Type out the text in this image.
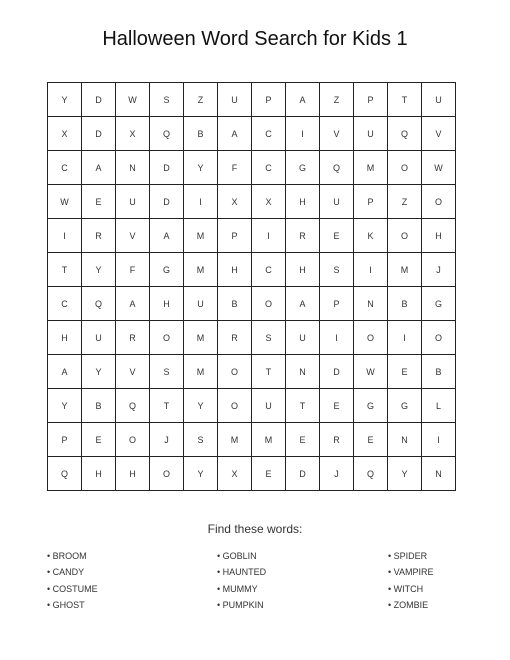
Halloween Word Search for Kids 1
Y	D	W	S	Z	U	P	A	Z	P	T	U
X	D	X	Q	B	A	C	I	V	U	Q	V
C	A	N	D	Y	F	C	G	Q	M	O	W
W	E	U	D	I	X	X	H	U	P	Z	O
I	R	V	A	M	P	I	R	E	K	O	H
T	Y	F	G	M	H	C	H	S	I	M	J
C	Q	A	H	U	B	O	A	P	N	B	G
H	U	R	O	M	R	S	U	I	O	I	O
A	Y	V	S	M	O	T	N	D	W	E	B
Y	B	Q	T	Y	O	U	T	E	G	G	L
P	E	O	J	S	M	M	E	R	E	N	I
Q	H	H	O	Y	X	E	D	J	Q	Y	N
Find these words:
• BROOM
• CANDY
• COSTUME
• GHOST
• GOBLIN
• HAUNTED
• MUMMY
• PUMPKIN
• SPIDER
• VAMPIRE
• WITCH
• ZOMBIE
